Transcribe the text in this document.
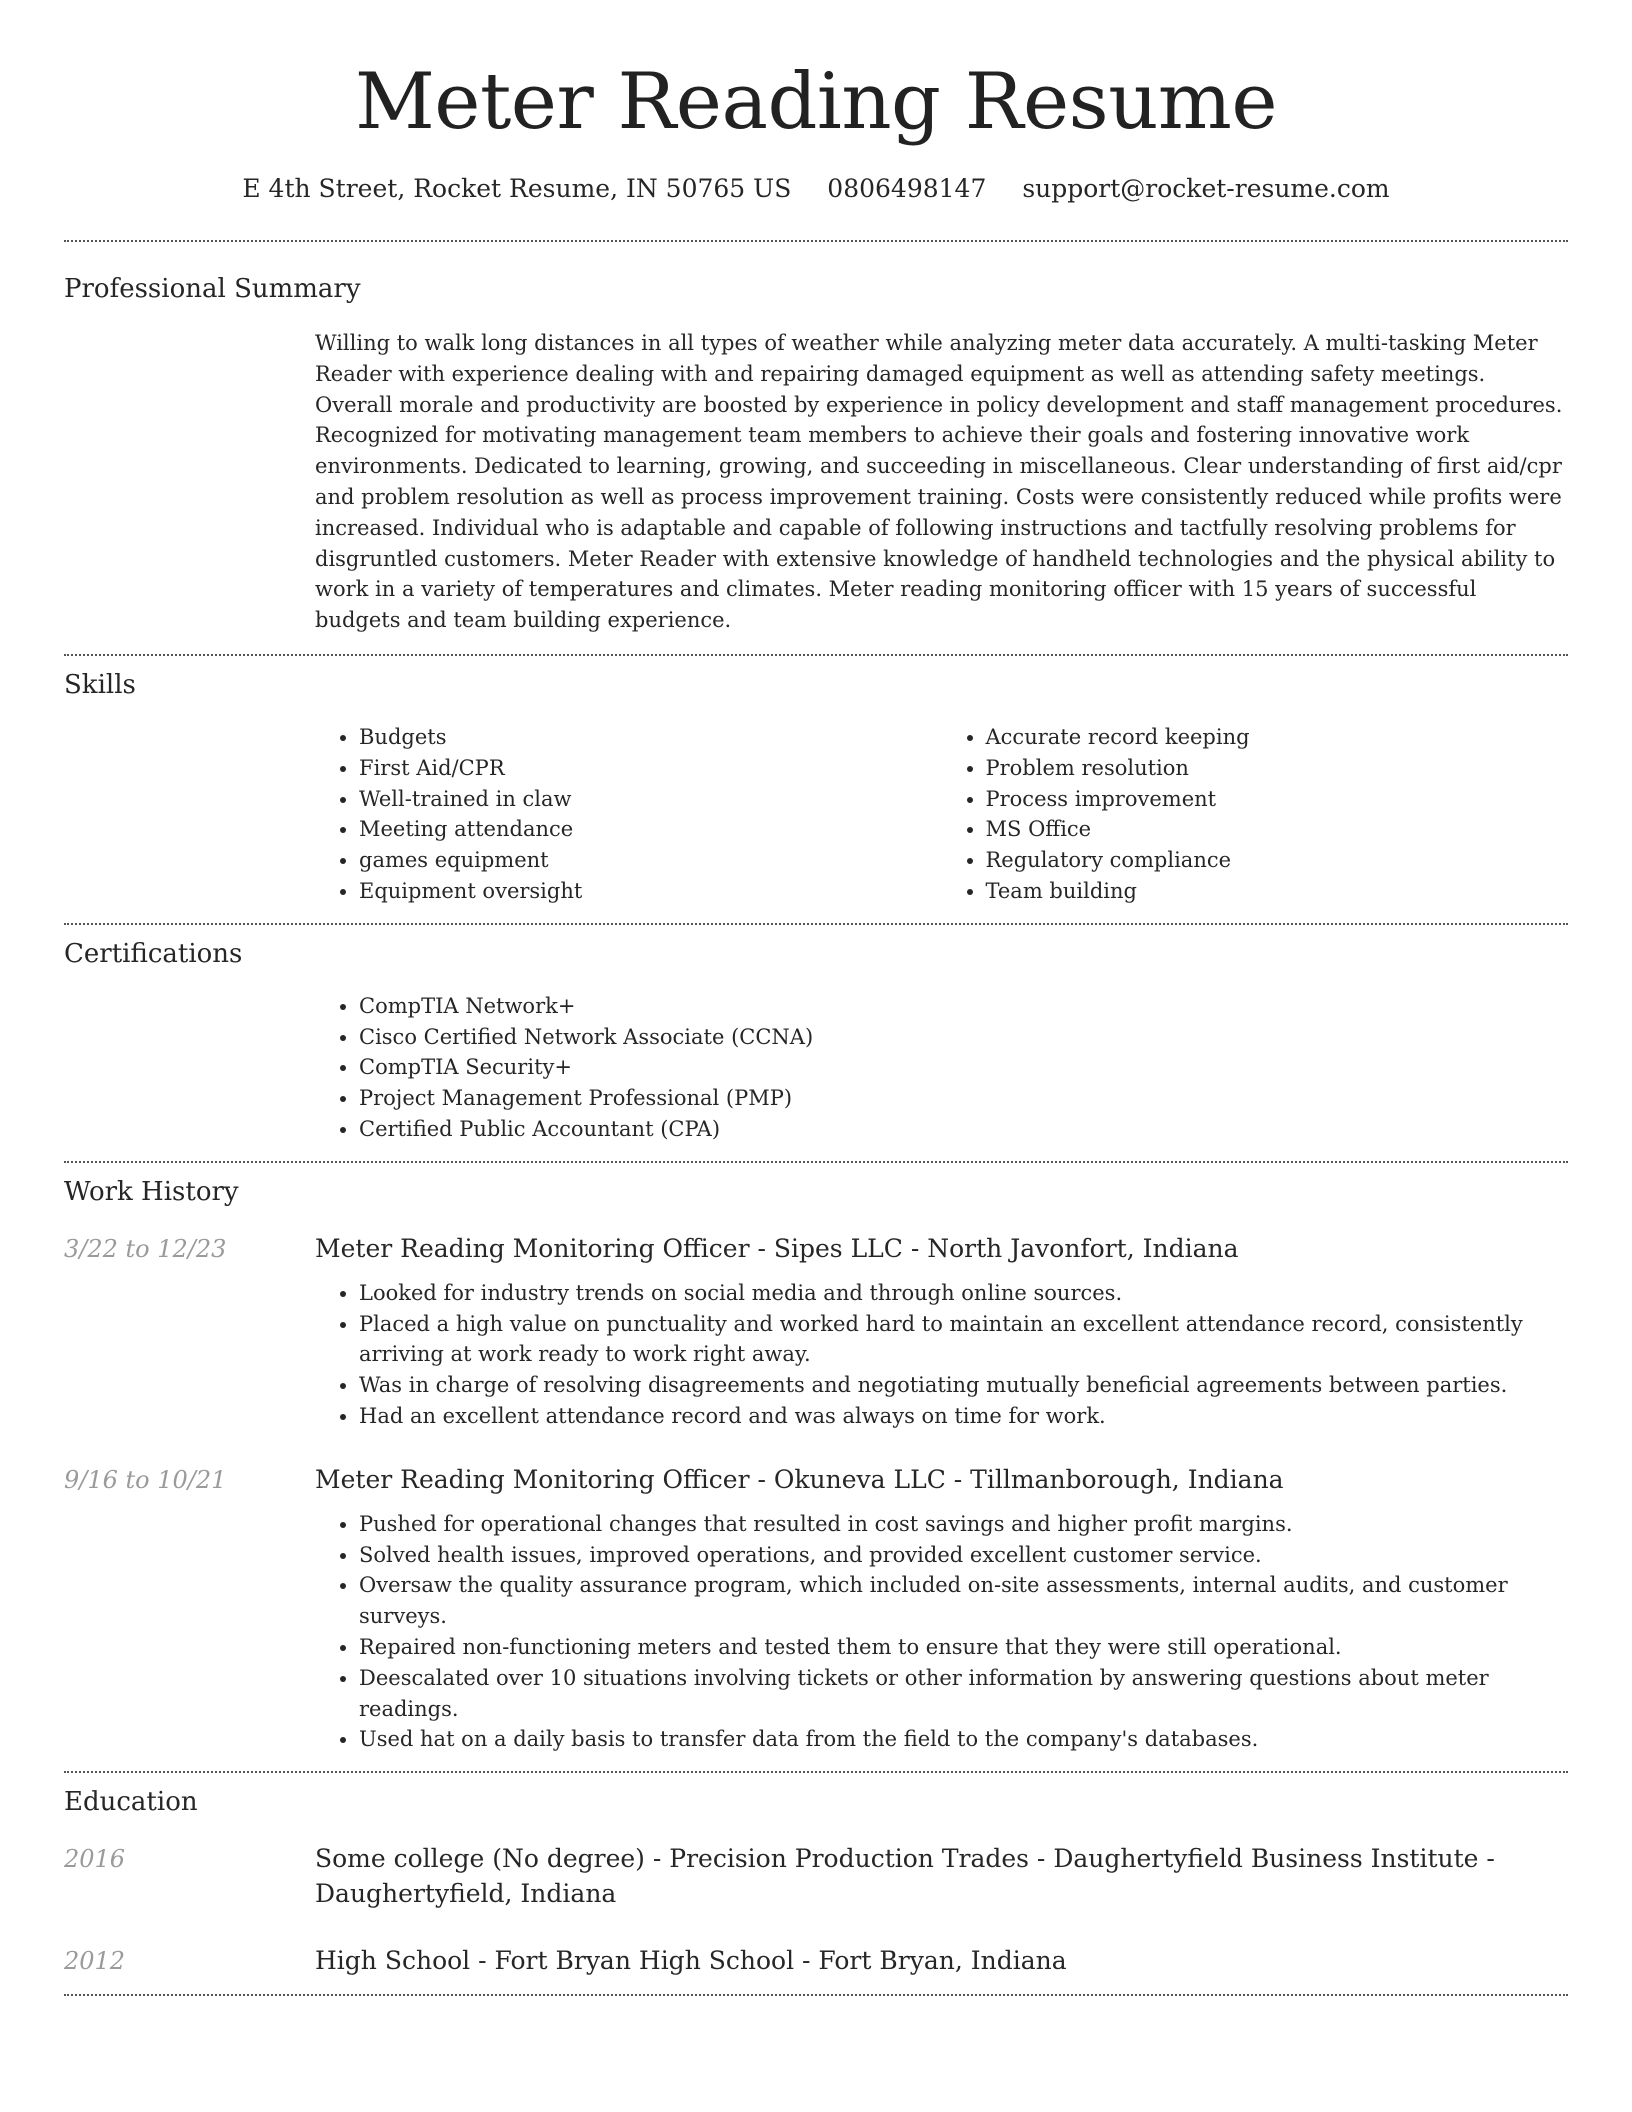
Meter Reading Resume
E 4th Street, Rocket Resume, IN 50765 US 0806498147 support@rocket-resume.com
Professional Summary

Willing to walk long distances in all types of weather while analyzing meter data accurately. A multi-tasking Meter Reader with experience dealing with and repairing damaged equipment as well as attending safety meetings. Overall morale and productivity are boosted by experience in policy development and staff management procedures. Recognized for motivating management team members to achieve their goals and fostering innovative work environments. Dedicated to learning, growing, and succeeding in miscellaneous. Clear understanding of first aid/cpr and problem resolution as well as process improvement training. Costs were consistently reduced while profits were increased. Individual who is adaptable and capable of following instructions and tactfully resolving problems for disgruntled customers. Meter Reader with extensive knowledge of handheld technologies and the physical ability to work in a variety of temperatures and climates. Meter reading monitoring officer with 15 years of successful budgets and team building experience.

Skills
• Budgets
• First Aid/CPR
• Well-trained in claw
• Meeting attendance
• games equipment
• Equipment oversight
• Accurate record keeping
• Problem resolution
• Process improvement
• MS Office
• Regulatory compliance
• Team building
Certifications
• CompTIA Network+
• Cisco Certified Network Associate (CCNA)
• CompTIA Security+
• Project Management Professional (PMP)
• Certified Public Accountant (CPA)
Work History
3/22 to 12/23	Meter Reading Monitoring Officer - Sipes LLC - North Javonfort, Indiana
• Looked for industry trends on social media and through online sources.
• Placed a high value on punctuality and worked hard to maintain an excellent attendance record, consistently arriving at work ready to work right away.
• Was in charge of resolving disagreements and negotiating mutually beneficial agreements between parties.
• Had an excellent attendance record and was always on time for work.
9/16 to 10/21	Meter Reading Monitoring Officer - Okuneva LLC - Tillmanborough, Indiana
• Pushed for operational changes that resulted in cost savings and higher profit margins.
• Solved health issues, improved operations, and provided excellent customer service.
• Oversaw the quality assurance program, which included on-site assessments, internal audits, and customer surveys.
• Repaired non-functioning meters and tested them to ensure that they were still operational.
• Deescalated over 10 situations involving tickets or other information by answering questions about meter readings.
• Used hat on a daily basis to transfer data from the field to the company's databases.
Education
2016	Some college (No degree) - Precision Production Trades - Daughertyfield Business Institute - Daughertyfield, Indiana
2012	High School - Fort Bryan High School - Fort Bryan, Indiana
